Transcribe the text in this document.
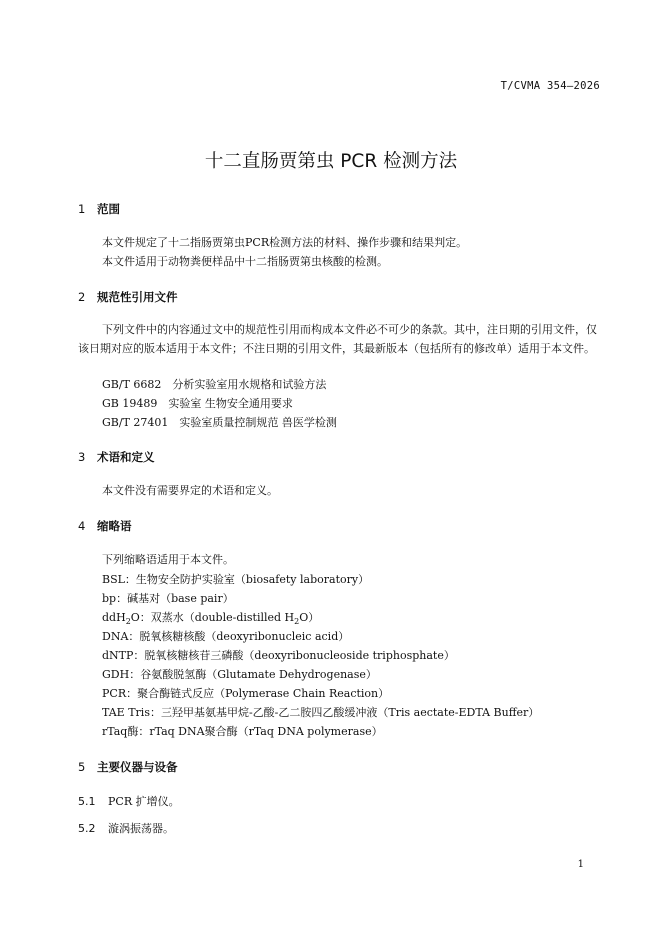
T/CVMA 354—2026
十二直肠贾第虫 PCR 检测方法
1 范围
本文件规定了十二指肠贾第虫PCR检测方法的材料、操作步骤和结果判定。
本文件适用于动物粪便样品中十二指肠贾第虫核酸的检测。
2 规范性引用文件
下列文件中的内容通过文中的规范性引用而构成本文件必不可少的条款。其中，注日期的引用文件，仅该日期对应的版本适用于本文件；不注日期的引用文件，其最新版本（包括所有的修改单）适用于本文件。
GB/T 6682　分析实验室用水规格和试验方法
GB 19489　实验室 生物安全通用要求
GB/T 27401　实验室质量控制规范 兽医学检测
3 术语和定义
本文件没有需要界定的术语和定义。
4 缩略语
下列缩略语适用于本文件。
BSL：生物安全防护实验室（biosafety laboratory）
bp：碱基对（base pair）
ddH$_2$O：双蒸水（double-distilled $H_2O$）
DNA：脱氧核糖核酸（deoxyribonucleic acid）
dNTP：脱氧核糖核苷三磷酸（deoxyribonucleoside triphosphate）
GDH：谷氨酸脱氢酶（Glutamate Dehydrogenase）
PCR：聚合酶链式反应（Polymerase Chain Reaction）
TAE Tris：三羟甲基氨基甲烷-乙酸-乙二胺四乙酸缓冲液（Tris aectate-EDTA Buffer）
rTaq酶：rTaq DNA聚合酶（rTaq DNA polymerase）
5 主要仪器与设备
5.1 PCR 扩增仪。
5.2 漩涡振荡器。
1
